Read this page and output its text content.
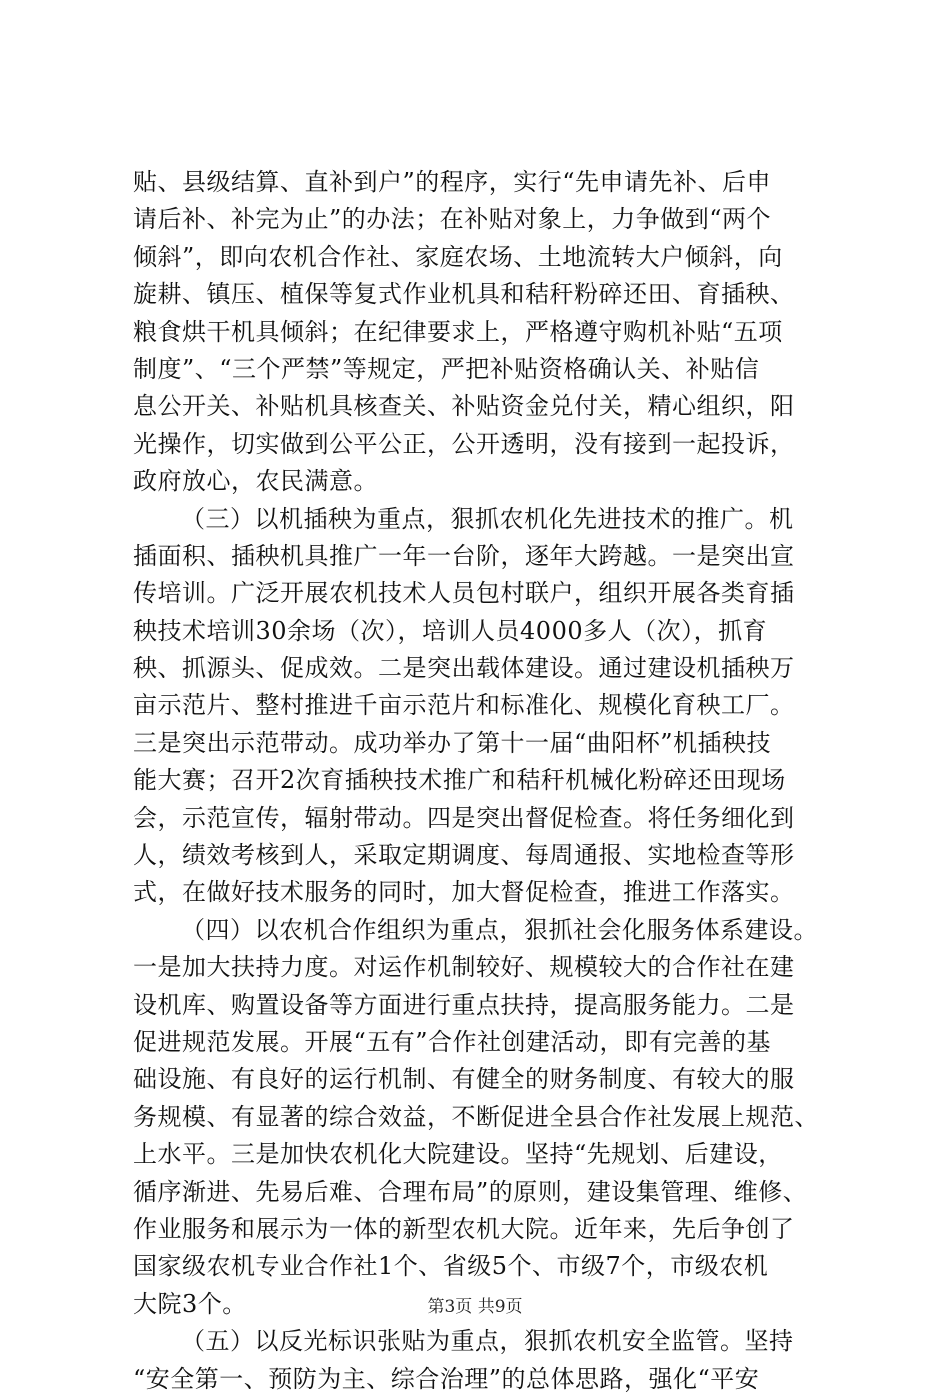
贴、县级结算、直补到户”的程序，实行“先申请先补、后申
请后补、补完为止”的办法；在补贴对象上，力争做到“两个
倾斜”，即向农机合作社、家庭农场、土地流转大户倾斜，向
旋耕、镇压、植保等复式作业机具和秸秆粉碎还田、育插秧、
粮食烘干机具倾斜；在纪律要求上，严格遵守购机补贴“五项
制度”、“三个严禁”等规定，严把补贴资格确认关、补贴信
息公开关、补贴机具核查关、补贴资金兑付关，精心组织，阳
光操作，切实做到公平公正，公开透明，没有接到一起投诉，
政府放心，农民满意。
（三）以机插秧为重点，狠抓农机化先进技术的推广。机
插面积、插秧机具推广一年一台阶，逐年大跨越。一是突出宣
传培训。广泛开展农机技术人员包村联户，组织开展各类育插
秧技术培训30余场（次），培训人员4000多人（次），抓育
秧、抓源头、促成效。二是突出载体建设。通过建设机插秧万
亩示范片、整村推进千亩示范片和标准化、规模化育秧工厂。
三是突出示范带动。成功举办了第十一届“曲阳杯”机插秧技
能大赛；召开2次育插秧技术推广和秸秆机械化粉碎还田现场
会，示范宣传，辐射带动。四是突出督促检查。将任务细化到
人，绩效考核到人，采取定期调度、每周通报、实地检查等形
式，在做好技术服务的同时，加大督促检查，推进工作落实。
（四）以农机合作组织为重点，狠抓社会化服务体系建设。
一是加大扶持力度。对运作机制较好、规模较大的合作社在建
设机库、购置设备等方面进行重点扶持，提高服务能力。二是
促进规范发展。开展“五有”合作社创建活动，即有完善的基
础设施、有良好的运行机制、有健全的财务制度、有较大的服
务规模、有显著的综合效益，不断促进全县合作社发展上规范、
上水平。三是加快农机化大院建设。坚持“先规划、后建设，
循序渐进、先易后难、合理布局”的原则，建设集管理、维修、
作业服务和展示为一体的新型农机大院。近年来，先后争创了
国家级农机专业合作社1个、省级5个、市级7个，市级农机
大院3个。
（五）以反光标识张贴为重点，狠抓农机安全监管。坚持
“安全第一、预防为主、综合治理”的总体思路，强化“平安
第3页 共9页
